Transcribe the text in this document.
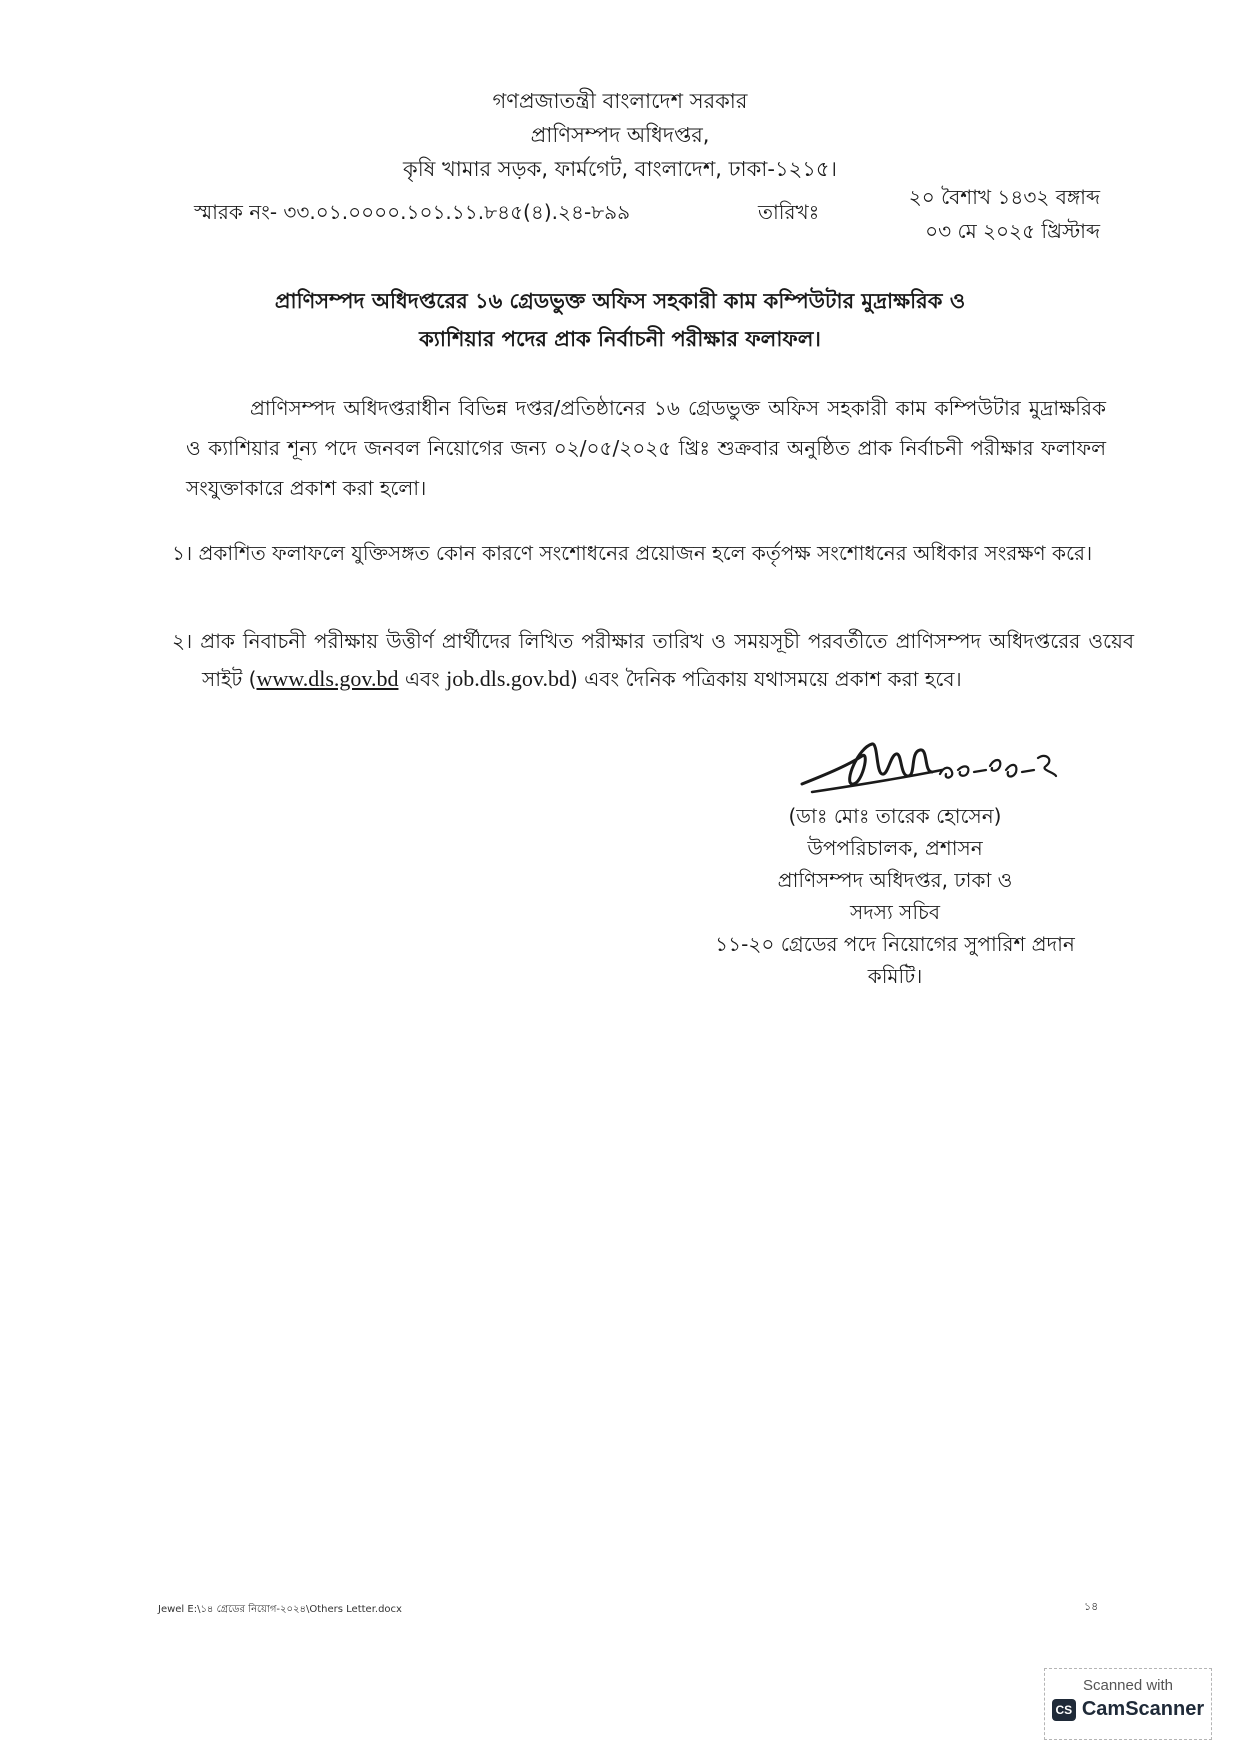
গণপ্রজাতন্ত্রী বাংলাদেশ সরকার
প্রাণিসম্পদ অধিদপ্তর,
কৃষি খামার সড়ক, ফার্মগেট, বাংলাদেশ, ঢাকা-১২১৫।
স্মারক নং- ৩৩.০১.০০০০.১০১.১১.৮৪৫(৪).২৪-৮৯৯	তারিখঃ
২০ বৈশাখ ১৪৩২ বঙ্গাব্দ
০৩ মে ২০২৫ খ্রিস্টাব্দ
প্রাণিসম্পদ অধিদপ্তরের ১৬ গ্রেডভুক্ত অফিস সহকারী কাম কম্পিউটার মুদ্রাক্ষরিক ও
ক্যাশিয়ার পদের প্রাক নির্বাচনী পরীক্ষার ফলাফল।
প্রাণিসম্পদ অধিদপ্তরাধীন বিভিন্ন দপ্তর/প্রতিষ্ঠানের ১৬ গ্রেডভুক্ত অফিস সহকারী কাম কম্পিউটার মুদ্রাক্ষরিক ও ক্যাশিয়ার শূন্য পদে জনবল নিয়োগের জন্য ০২/০৫/২০২৫ খ্রিঃ শুক্রবার অনুষ্ঠিত প্রাক নির্বাচনী পরীক্ষার ফলাফল সংযুক্তাকারে প্রকাশ করা হলো।
১। প্রকাশিত ফলাফলে যুক্তিসঙ্গত কোন কারণে সংশোধনের প্রয়োজন হলে কর্তৃপক্ষ সংশোধনের অধিকার সংরক্ষণ করে।
২। প্রাক নিবাচনী পরীক্ষায় উত্তীর্ণ প্রার্থীদের লিখিত পরীক্ষার তারিখ ও সময়সূচী পরবর্তীতে প্রাণিসম্পদ অধিদপ্তরের ওয়েব সাইট (www.dls.gov.bd এবং job.dls.gov.bd) এবং দৈনিক পত্রিকায় যথাসময়ে প্রকাশ করা হবে।
(ডাঃ মোঃ তারেক হোসেন)
উপপরিচালক, প্রশাসন
প্রাণিসম্পদ অধিদপ্তর, ঢাকা ও
সদস্য সচিব
১১-২০ গ্রেডের পদে নিয়োগের সুপারিশ প্রদান
কমিটি।
Jewel E:\১৪ গ্রেডের নিয়োগ-২০২৪\Others Letter.docx	১৪
Scanned with
CS CamScanner
